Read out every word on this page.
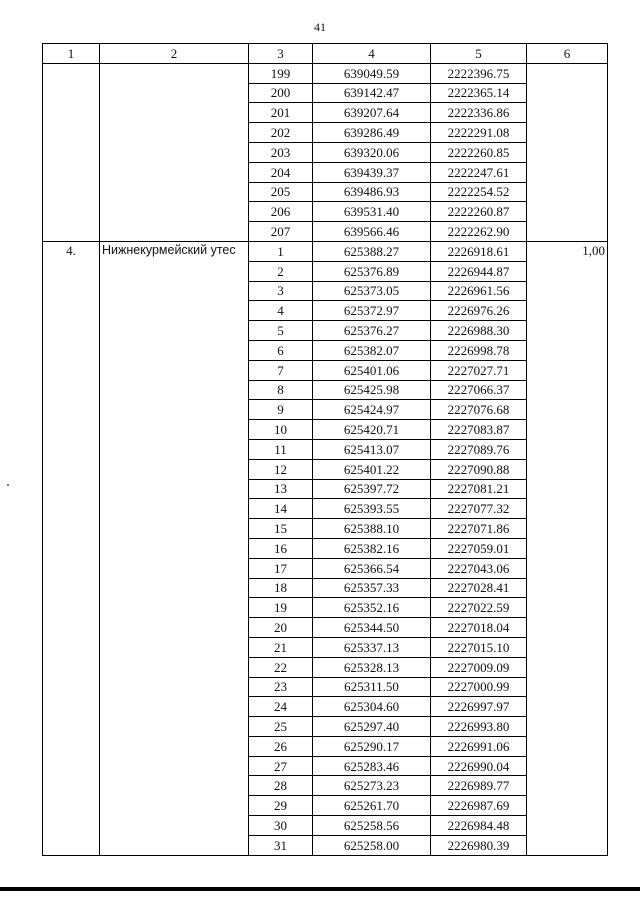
41
1	2	3	4	5	6
		199	639049.59	2222396.75	
		200	639142.47	2222365.14	
		201	639207.64	2222336.86	
		202	639286.49	2222291.08	
		203	639320.06	2222260.85	
		204	639439.37	2222247.61	
		205	639486.93	2222254.52	
		206	639531.40	2222260.87	
		207	639566.46	2222262.90	
4.	Нижнекурмейский утес	1	625388.27	2226918.61	1,00
		2	625376.89	2226944.87	
		3	625373.05	2226961.56	
		4	625372.97	2226976.26	
		5	625376.27	2226988.30	
		6	625382.07	2226998.78	
		7	625401.06	2227027.71	
		8	625425.98	2227066.37	
		9	625424.97	2227076.68	
		10	625420.71	2227083.87	
		11	625413.07	2227089.76	
		12	625401.22	2227090.88	
		13	625397.72	2227081.21	
		14	625393.55	2227077.32	
		15	625388.10	2227071.86	
		16	625382.16	2227059.01	
		17	625366.54	2227043.06	
		18	625357.33	2227028.41	
		19	625352.16	2227022.59	
		20	625344.50	2227018.04	
		21	625337.13	2227015.10	
		22	625328.13	2227009.09	
		23	625311.50	2227000.99	
		24	625304.60	2226997.97	
		25	625297.40	2226993.80	
		26	625290.17	2226991.06	
		27	625283.46	2226990.04	
		28	625273.23	2226989.77	
		29	625261.70	2226987.69	
		30	625258.56	2226984.48	
		31	625258.00	2226980.39	
